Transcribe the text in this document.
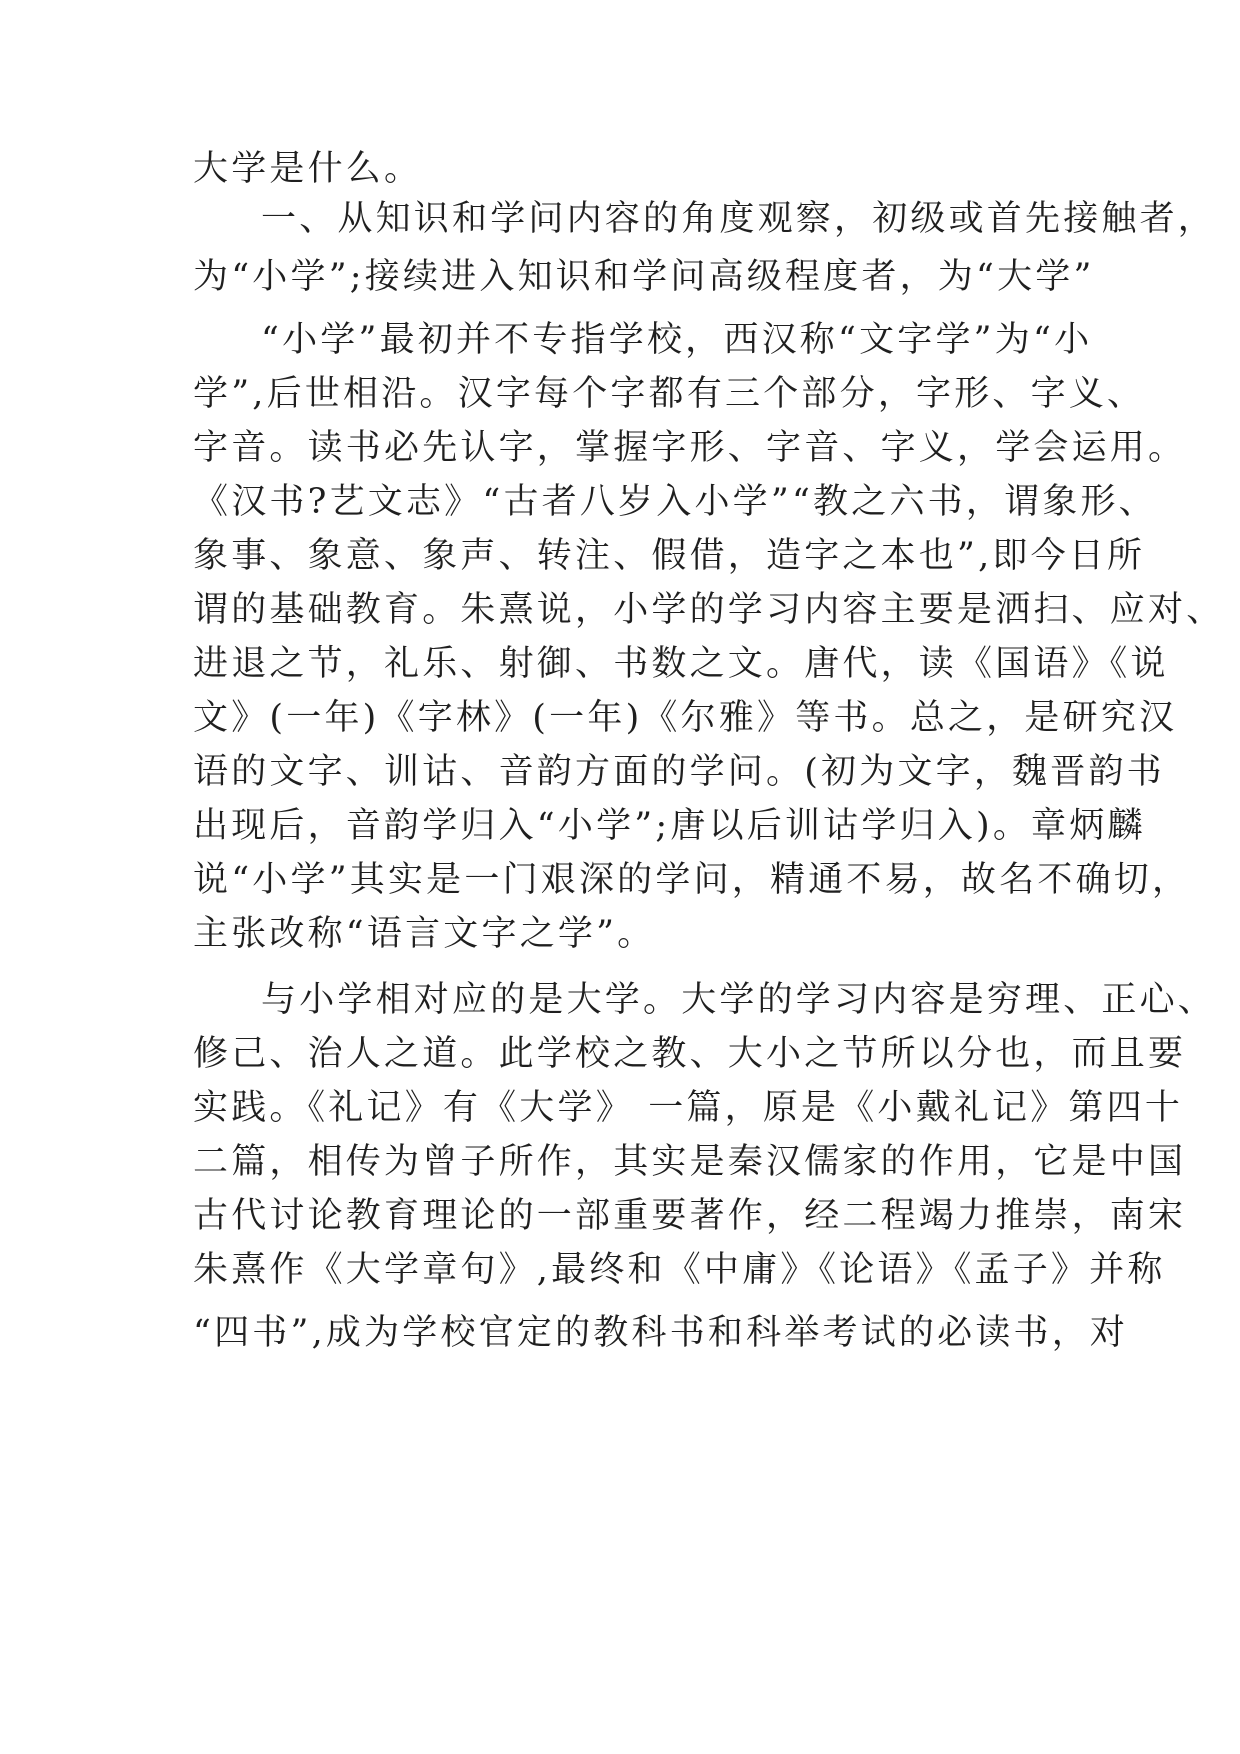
大学是什么。
一、从知识和学问内容的角度观察，初级或首先接触者，
为“小学”;接续进入知识和学问高级程度者，为“大学”
“小学”最初并不专指学校，西汉称“文字学”为“小
学”,后世相沿。汉字每个字都有三个部分，字形、字义、
字音。读书必先认字，掌握字形、字音、字义，学会运用。
《汉书?艺文志》“古者八岁入小学”“教之六书，谓象形、
象事、象意、象声、转注、假借，造字之本也”,即今日所
谓的基础教育。朱熹说，小学的学习内容主要是洒扫、应对、
进退之节，礼乐、射御、书数之文。唐代，读《国语》《说
文》(一年)《字林》(一年)《尔雅》等书。总之，是研究汉
语的文字、训诂、音韵方面的学问。(初为文字，魏晋韵书
出现后，音韵学归入“小学”;唐以后训诂学归入)。章炳麟
说“小学”其实是一门艰深的学问，精通不易，故名不确切，
主张改称“语言文字之学”。
与小学相对应的是大学。大学的学习内容是穷理、正心、
修己、治人之道。此学校之教、大小之节所以分也，而且要
实践。《礼记》有《大学》 一篇，原是《小戴礼记》第四十
二篇，相传为曾子所作，其实是秦汉儒家的作用，它是中国
古代讨论教育理论的一部重要著作，经二程竭力推崇，南宋
朱熹作《大学章句》,最终和《中庸》《论语》《孟子》并称
“四书”,成为学校官定的教科书和科举考试的必读书，对
